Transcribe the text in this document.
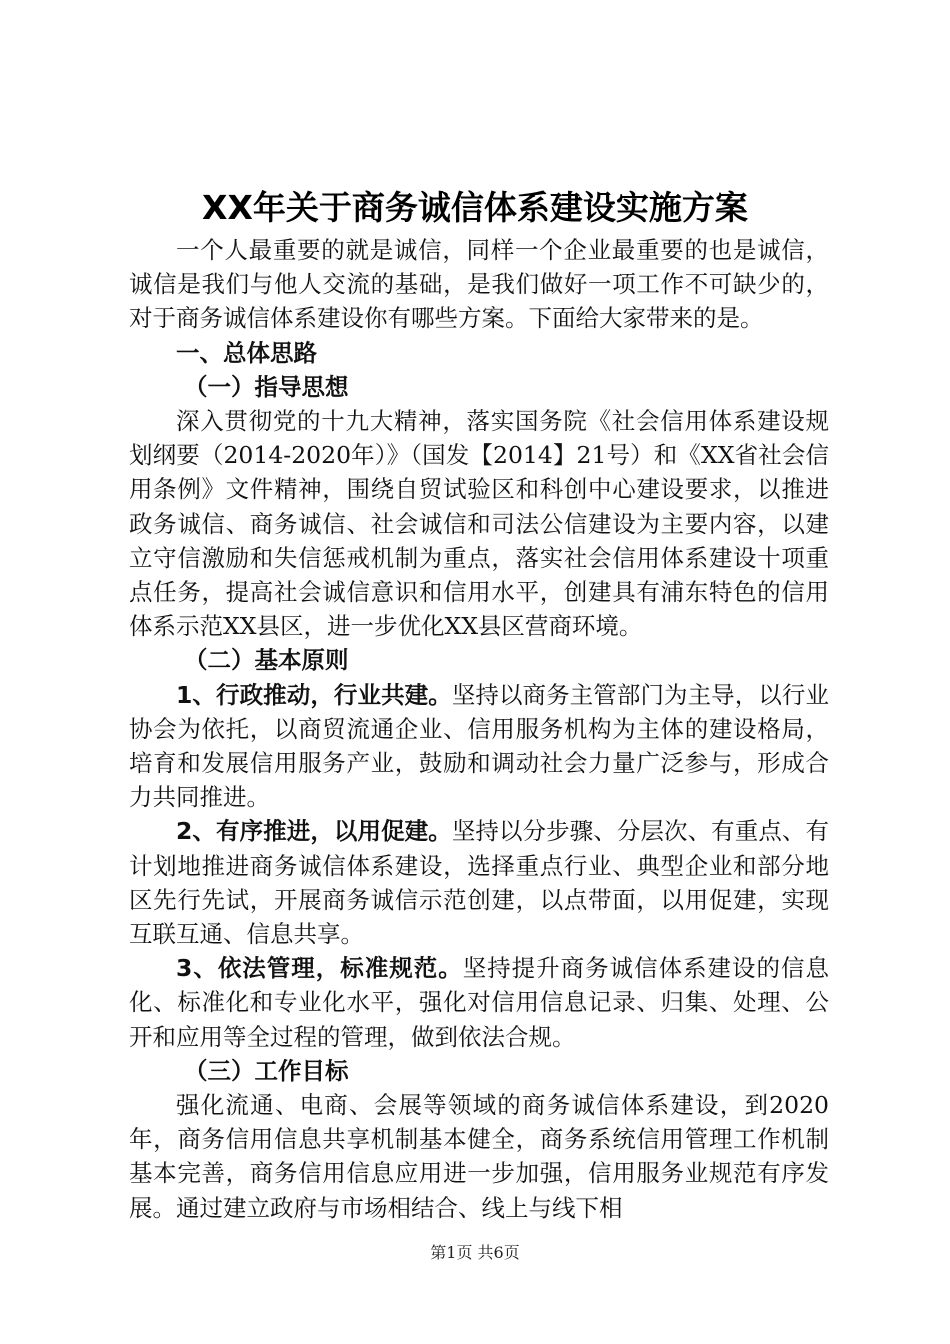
XX年关于商务诚信体系建设实施方案

一个人最重要的就是诚信，同样一个企业最重要的也是诚信，诚信是我们与他人交流的基础，是我们做好一项工作不可缺少的，对于商务诚信体系建设你有哪些方案。下面给大家带来的是。

一、总体思路

（一）指导思想

深入贯彻党的十九大精神，落实国务院《社会信用体系建设规划纲要（2014-2020年）》（国发【2014】21号）和《XX省社会信用条例》文件精神，围绕自贸试验区和科创中心建设要求，以推进政务诚信、商务诚信、社会诚信和司法公信建设为主要内容，以建立守信激励和失信惩戒机制为重点，落实社会信用体系建设十项重点任务，提高社会诚信意识和信用水平，创建具有浦东特色的信用体系示范XX县区，进一步优化XX县区营商环境。

（二）基本原则

1、行政推动，行业共建。坚持以商务主管部门为主导，以行业协会为依托，以商贸流通企业、信用服务机构为主体的建设格局，培育和发展信用服务产业，鼓励和调动社会力量广泛参与，形成合力共同推进。

2、有序推进，以用促建。坚持以分步骤、分层次、有重点、有计划地推进商务诚信体系建设，选择重点行业、典型企业和部分地区先行先试，开展商务诚信示范创建，以点带面，以用促建，实现互联互通、信息共享。

3、依法管理，标准规范。坚持提升商务诚信体系建设的信息化、标准化和专业化水平，强化对信用信息记录、归集、处理、公开和应用等全过程的管理，做到依法合规。

（三）工作目标

强化流通、电商、会展等领域的商务诚信体系建设，到2020年，商务信用信息共享机制基本健全，商务系统信用管理工作机制基本完善，商务信用信息应用进一步加强，信用服务业规范有序发展。通过建立政府与市场相结合、线上与线下相

第1页 共6页
